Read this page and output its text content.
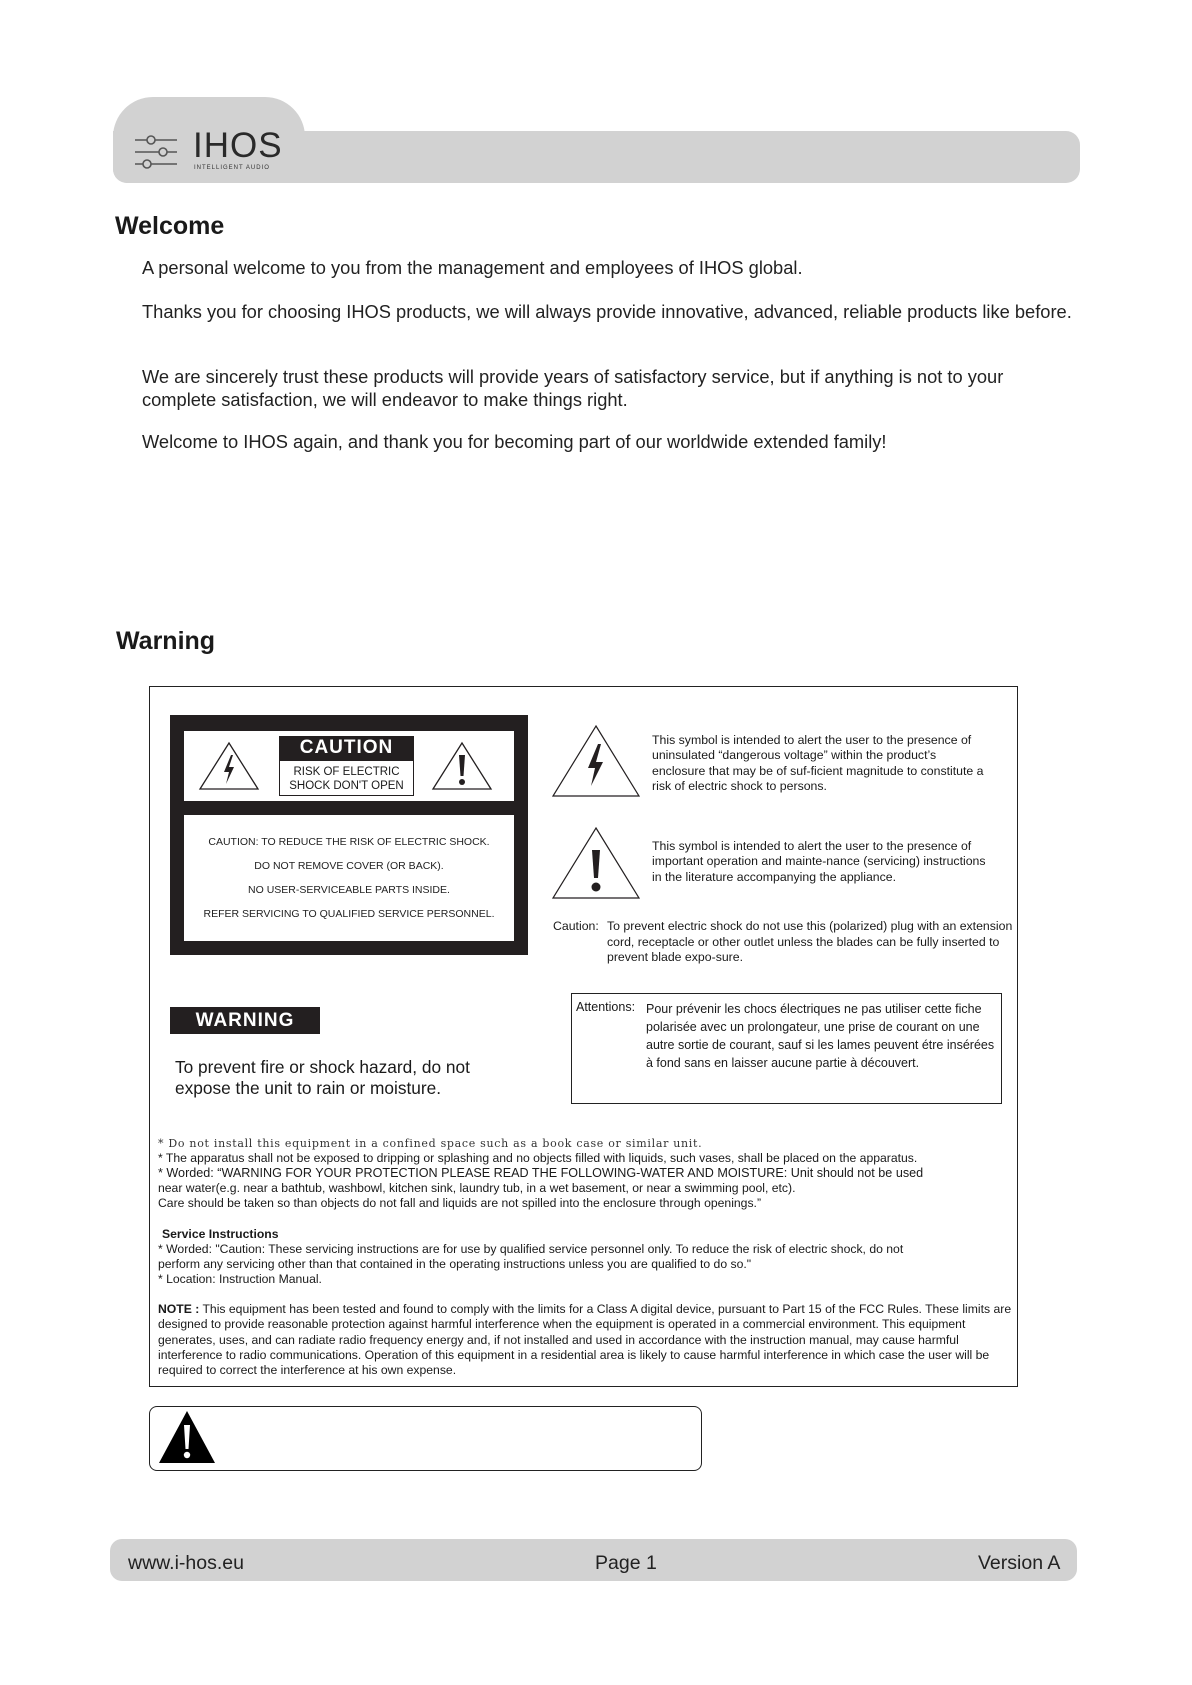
IHOS
INTELLIGENT AUDIO
Welcome
A personal welcome to you from the management and employees of IHOS global.
Thanks you for choosing IHOS products, we will always provide innovative, advanced, reliable products like before.
We are sincerely trust these products will provide years of satisfactory service, but if anything is not to your complete satisfaction, we will endeavor to make things right.
Welcome to IHOS again, and thank you for becoming part of our worldwide extended family!
Warning
CAUTION
RISK OF ELECTRIC
SHOCK DON'T OPEN
CAUTION: TO REDUCE THE RISK OF ELECTRIC SHOCK.
DO NOT REMOVE COVER (OR BACK).
NO USER-SERVICEABLE PARTS INSIDE.
REFER SERVICING TO QUALIFIED SERVICE PERSONNEL.
This symbol is intended to alert the user to the presence of uninsulated “dangerous voltage” within the product’s enclosure that may be of suf-ficient magnitude to constitute a risk of electric shock to persons.
This symbol is intended to alert the user to the presence of important operation and mainte-nance (servicing) instructions in the literature accompanying the appliance.
Caution: To prevent electric shock do not use this (polarized) plug with an extension cord, receptacle or other outlet unless the blades can be fully inserted to prevent blade expo-sure.
WARNING
To prevent fire or shock hazard, do not expose the unit to rain or moisture.
Attentions: Pour prévenir les chocs électriques ne pas utiliser cette fiche polarisée avec un prolongateur, une prise de courant on une autre sortie de courant, sauf si les lames peuvent étre insérées à fond sans en laisser aucune partie à découvert.
* Do not install this equipment in a confined space such as a book case or similar unit.
* The apparatus shall not be exposed to dripping or splashing and no objects filled with liquids, such vases, shall be placed on the apparatus.
* Worded: “WARNING FOR YOUR PROTECTION PLEASE READ THE FOLLOWING-WATER AND MOISTURE: Unit should not be used
near water(e.g. near a bathtub, washbowl, kitchen sink, laundry tub, in a wet basement, or near a swimming pool, etc).
Care should be taken so than objects do not fall and liquids are not spilled into the enclosure through openings.”
Service Instructions
* Worded: "Caution: These servicing instructions are for use by qualified service personnel only. To reduce the risk of electric shock, do not
perform any servicing other than that contained in the operating instructions unless you are qualified to do so."
* Location: Instruction Manual.
NOTE : This equipment has been tested and found to comply with the limits for a Class A digital device, pursuant to Part 15 of the FCC Rules. These limits are designed to provide reasonable protection against harmful interference when the equipment is operated in a commercial environment. This equipment generates, uses, and can radiate radio frequency energy and, if not installed and used in accordance with the instruction manual, may cause harmful interference to radio communications. Operation of this equipment in a residential area is likely to cause harmful interference in which case the user will be required to correct the interference at his own expense.
www.i-hos.eu	Page 1	Version A
